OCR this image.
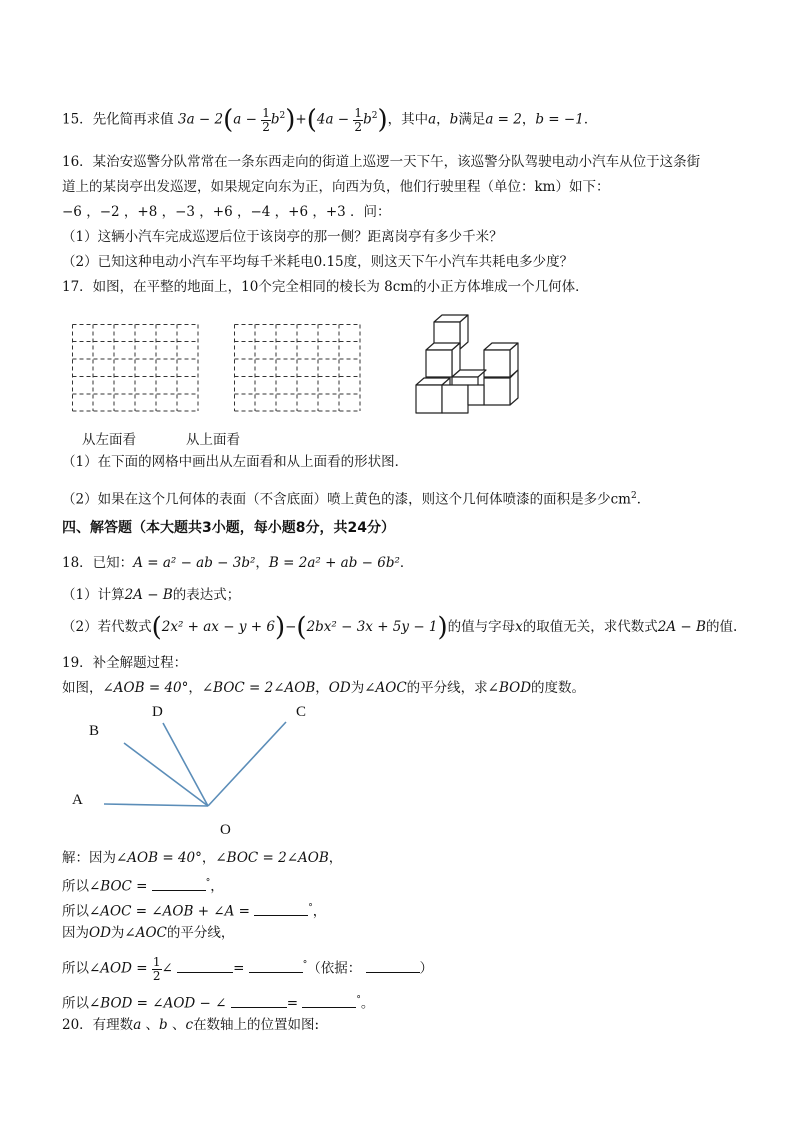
15．先化简再求值 $3a - 2(a - \frac{1}{2} b^2)+(4a - \frac{1}{2} b^2)$，其中a，b满足a = 2，b = −1．
16．某治安巡警分队常常在一条东西走向的街道上巡逻一天下午，该巡警分队驾驶电动小汽车从位于这条街
道上的某岗亭出发巡逻，如果规定向东为正，向西为负，他们行驶里程（单位：km）如下：
−6 ，−2 ，+8 ，−3 ，+6 ，−4 ，+6 ，+3 ．问：
（1）这辆小汽车完成巡逻后位于该岗亭的那一侧？距离岗亭有多少千米？
（2）已知这种电动小汽车平均每千米耗电0.15度，则这天下午小汽车共耗电多少度？
17．如图，在平整的地面上，10个完全相同的棱长为 8cm的小正方体堆成一个几何体．
从左面看	从上面看
（1）在下面的网格中画出从左面看和从上面看的形状图．
（2）如果在这个几何体的表面（不含底面）喷上黄色的漆，则这个几何体喷漆的面积是多少$cm^2$．
四、解答题（本大题共3小题，每小题8分，共24分）
18．已知：A = a² − ab − 3b²，B = 2a² + ab − 6b²．
（1）计算2A − B的表达式；
（2）若代数式(2x² + ax − y + 6)−(2bx² − 3x + 5y − 1)的值与字母x的取值无关，求代数式2A − B的值.
19．补全解题过程：
如图，∠AOB = 40°，∠BOC = 2∠AOB，OD为∠AOC的平分线，求∠BOD的度数。
A
B
D	C
O
解：因为∠AOB = 40°，∠BOC = 2∠AOB，
所以∠BOC =	°，
所以∠AOC = ∠AOB + ∠A =	°，
因为OD为∠AOC的平分线，
所以∠AOD = $\frac{1}{2}$ ∠	=	°（依据：	）
所以∠BOD = ∠AOD − ∠	=	°。
20．有理数a 、b 、c在数轴上的位置如图:
